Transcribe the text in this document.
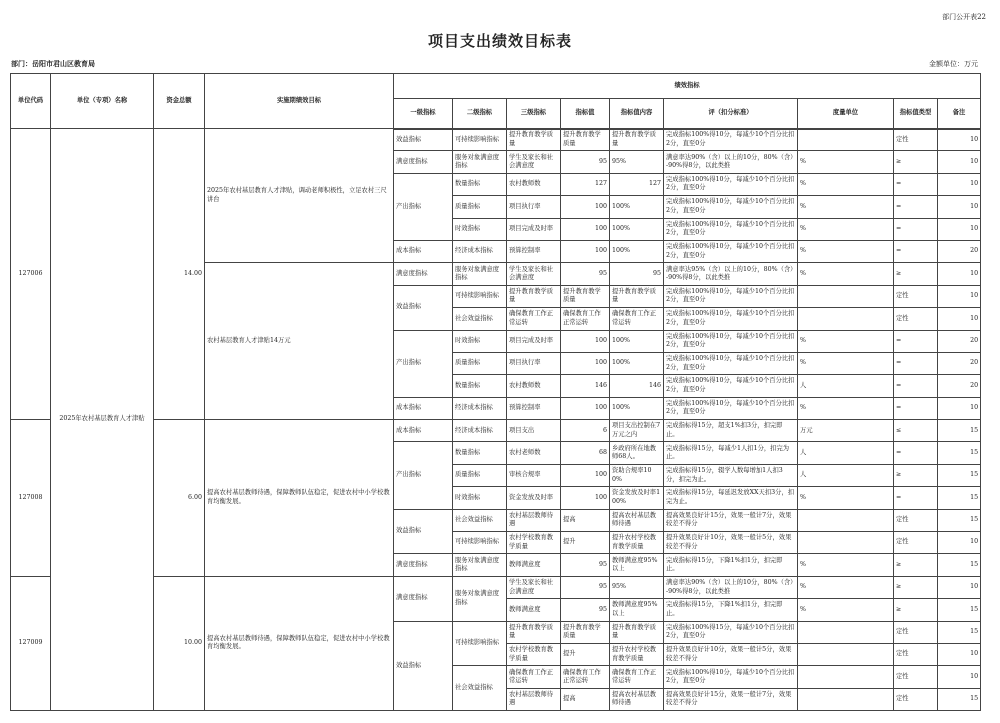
部门公开表22
项目支出绩效目标表
部门：岳阳市君山区教育局	金额单位：万元
单位代码	单位（专项）名称	资金总额	实施期绩效目标	绩效指标								
				一级指标	二级指标	三级指标	指标值	指标值内容	评（扣分标准）	度量单位	指标值类型	备注
127006	2025年农村基层教育人才津贴	14.00	2025年农村基层教育人才津贴，调动老师积极性，立足农村三尺讲台	效益指标	可持续影响指标	提升教育教学质量	提升教育教学质量	提升教育教学质量	完成指标100%得10分，每减少10个百分比扣2分，直至0分		定性	10
				满意度指标	服务对象满意度指标	学生及家长和社会满意度	95	95%	满意率达90%（含）以上的10分，80%（含）-90%得8分，以此类推	%	≥	10
				产出指标	数量指标	农村教师数	127	127	完成指标100%得10分，每减少10个百分比扣2分，直至0分	%	=	10
					质量指标	项目执行率	100	100%	完成指标100%得10分，每减少10个百分比扣2分，直至0分	%	=	10
					时效指标	项目完成及时率	100	100%	完成指标100%得10分，每减少10个百分比扣2分，直至0分	%	=	10
				成本指标	经济成本指标	预算控制率	100	100%	完成指标100%得10分，每减少10个百分比扣2分，直至0分	%	=	20
			农村基层教育人才津贴14万元	满意度指标	服务对象满意度指标	学生及家长和社会满意度	95	95	满意率达95%（含）以上的10分，80%（含）-90%得8分，以此类推	%	≥	10
				效益指标	可持续影响指标	提升教育教学质量	提升教育教学质量	提升教育教学质量	完成指标100%得10分，每减少10个百分比扣2分，直至0分		定性	10
					社会效益指标	确保教育工作正常运转	确保教育工作正常运转	确保教育工作正常运转	完成指标100%得10分，每减少10个百分比扣2分，直至0分		定性	10
				产出指标	时效指标	项目完成及时率	100	100%	完成指标100%得10分，每减少10个百分比扣2分，直至0分	%	=	20
					质量指标	项目执行率	100	100%	完成指标100%得10分，每减少10个百分比扣2分，直至0分	%	=	20
					数量指标	农村教师数	146	146	完成指标100%得10分，每减少10个百分比扣2分，直至0分	人	=	20
				成本指标	经济成本指标	预算控制率	100	100%	完成指标100%得10分，每减少10个百分比扣2分，直至0分	%	=	10
127008		6.00	提高农村基层教师待遇，保障教师队伍稳定，促进农村中小学校教育均衡发展。	成本指标	经济成本指标	项目支出	6	项目支出控制在7万元之内	完成指标得15分，超支1%扣3分，扣完即止。	万元	≤	15
				产出指标	数量指标	农村老师数	68	乡政府所在地教师68人。	完成指标得15分，每减少1人扣1分，扣完为止。	人	=	15
					质量指标	审核合规率	100	资助合规率100%	完成指标得15分，辍学人数每增加1人扣3分，扣完为止。	人	≥	15
					时效指标	资金发放及时率	100	资金发放及时率100%	完成指标得15分，每延迟发放XX天扣3分，扣完为止。	%	=	15
				效益指标	社会效益指标	农村基层教师待遇	提高	提高农村基层教师待遇	提高效果良好计15分，效果一般计7分，效果较差不得分		定性	15
					可持续影响指标	农村学校教育教学质量	提升	提升农村学校教育教学质量	提升效果良好计10分，效果一般计5分，效果较差不得分		定性	10
				满意度指标	服务对象满意度指标	教师满意度	95	教师满意度95%以上	完成指标得15分，下降1%扣1分，扣完即止。	%	≥	15
127009		10.00	提高农村基层教师待遇，保障教师队伍稳定，促进农村中小学校教育均衡发展。	满意度指标	服务对象满意度指标	学生及家长和社会满意度	95	95%	满意率达90%（含）以上的10分，80%（含）-90%得8分，以此类推	%	≥	10
						教师满意度	95	教师满意度95%以上	完成指标得15分，下降1%扣1分，扣完即止。	%	≥	15
				效益指标	可持续影响指标	提升教育教学质量	提升教育教学质量	提升教育教学质量	完成指标100%得15分，每减少10个百分比扣2分，直至0分		定性	15
						农村学校教育教学质量	提升	提升农村学校教育教学质量	提升效果良好计10分，效果一般计5分，效果较差不得分		定性	10
					社会效益指标	确保教育工作正常运转	确保教育工作正常运转	确保教育工作正常运转	完成指标100%得10分，每减少10个百分比扣2分，直至0分		定性	10
						农村基层教师待遇	提高	提高农村基层教师待遇	提高效果良好计15分，效果一般计7分，效果较差不得分		定性	15
